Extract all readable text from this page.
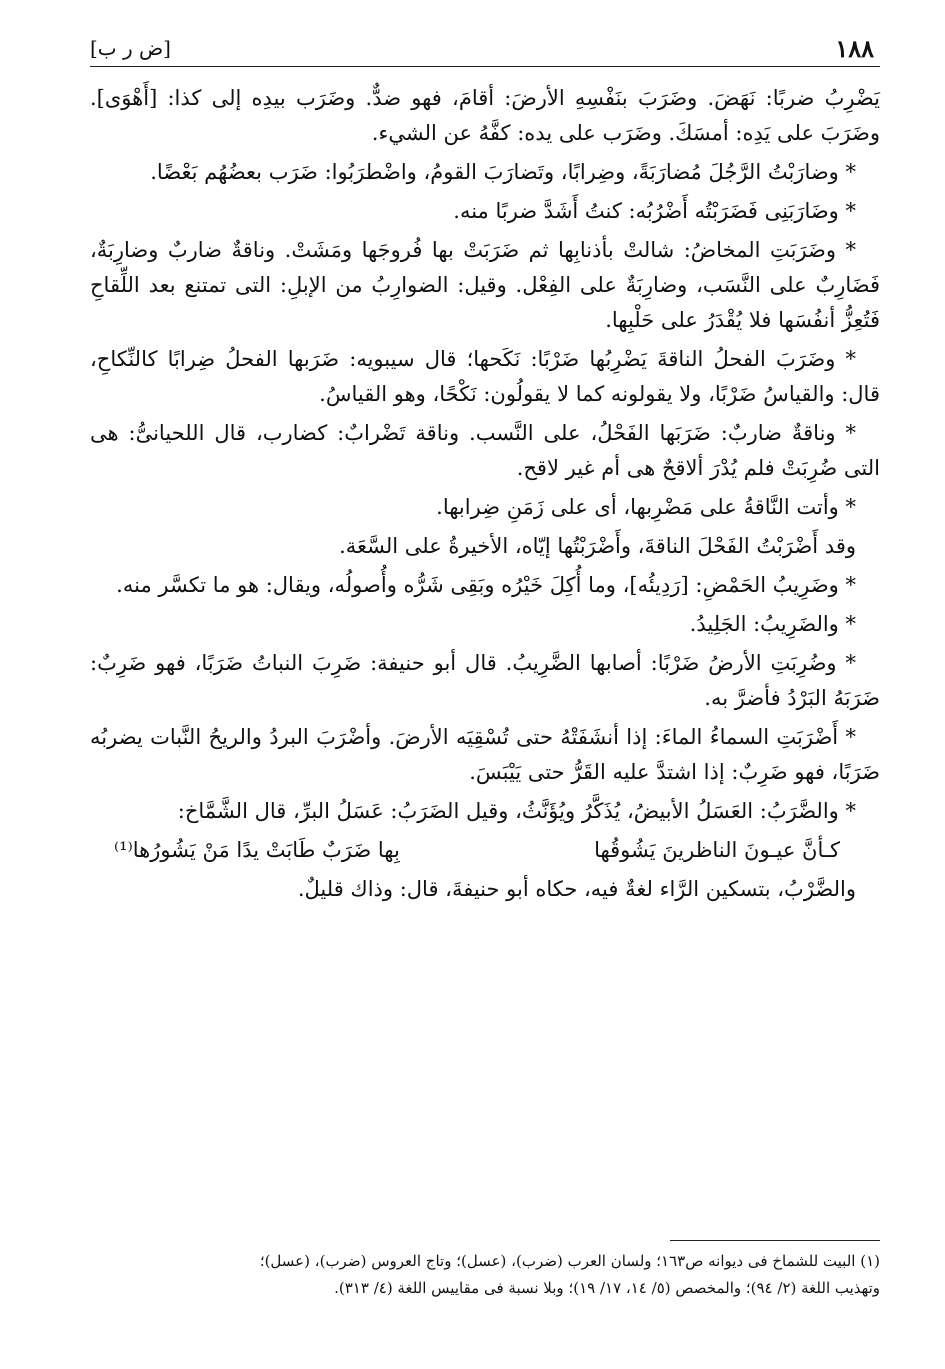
١٨٨
[ض ر ب]

يَضْرِبُ ضربًا: نَهَضَ. وضَرَبَ بنَفْسِهِ الأرضَ: أقامَ، فهو ضدٌّ. وضَرَب بيدِه إلى كذا: [أَهْوَى]. وضَرَبَ على يَدِه: أمسَكَ. وضَرَب على يده: كفَّهُ عن الشيء.

* وضارَبْتُ الرَّجُلَ مُضارَبَةً، وضِرابًا، وتَضارَبَ القومُ، واضْطرَبُوا: ضَرَب بعضُهُم بَعْضًا.

* وضَارَبَنِى فَضَرَبْتُه أَضْرُبُه: كنتُ أَشَدَّ ضربًا منه.

* وضَرَبَتِ المخاضُ: شالتْ بأذنابِها ثم ضَرَبَتْ بها فُروجَها ومَشَتْ. وناقةٌ ضاربٌ وضارِبَةٌ، فَضَارِبٌ على النَّسَب، وضارِبَةٌ على الفِعْل. وقيل: الضوارِبُ من الإبلِ: التى تمتنع بعد اللِّقاحِ فَتُعِزُّ أنفُسَها فلا يُقْدَرُ على حَلْبِها.

* وضَرَبَ الفحلُ الناقةَ يَضْرِبُها ضَرْبًا: نَكَحها؛ قال سيبويه: ضَرَبها الفحلُ ضِرابًا كالنِّكاحِ، قال: والقياسُ ضَرْبًا، ولا يقولونه كما لا يقولُون: نَكْحًا، وهو القياسُ.

* وناقةٌ ضاربٌ: ضَرَبَها الفَحْلُ، على النَّسب. وناقة تَضْرابٌ: كضارب، قال اللحيانىُّ: هى التى ضُرِبَتْ فلم يُدْرَ ألاقحٌ هى أم غير لاقح.

* وأتت النَّاقةُ على مَضْرِبها، أى على زَمَنِ ضِرابها.

وقد أَضْرَبْتُ الفَحْلَ الناقةَ، وأَضْرَبْتُها إيّاه، الأخيرةُ على السَّعَة.

* وضَرِيبُ الحَمْضِ: [رَدِيئُه]، وما أُكِلَ خَيْرُه وبَقِى شَرُّه وأُصولُه، ويقال: هو ما تكسَّر منه.

* والضَرِيبُ: الجَلِيدُ.

* وضُرِبَتِ الأرضُ ضَرْبًا: أصابها الضَّرِيبُ. قال أبو حنيفة: ضَرِبَ النباتُ ضَرَبًا، فهو ضَرِبٌ: ضَرَبَهُ البَرْدُ فأضرَّ به.

* أَضْرَبَتِ السماءُ الماءَ: إذا أنشَفَتْهُ حتى تُسْقِيَه الأرضَ. وأضْرَبَ البردُ والريحُ النَّبات يضربُه ضَرَبًا، فهو ضَرِبٌ: إذا اشتدَّ عليه القَرُّ حتى يَيْبَسَ.

* والضَّرَبُ: العَسَلُ الأبيضُ، يُذَكَّرُ ويُؤَنَّثُ، وقيل الضَرَبُ: عَسَلُ البرِّ، قال الشَّمَّاخ:

كـأنَّ عيـونَ الناظرينَ يَشُوقُها
بِها ضَرَبٌ طَابَتْ يدًا مَنْ يَشُورُها⁽¹⁾

والضَّرْبُ، بتسكين الرَّاء لغةٌ فيه، حكاه أبو حنيفةَ، قال: وذاك قليلٌ.

(١) البيت للشماخ فى ديوانه ص١٦٣؛ ولسان العرب (ضرب)، (عسل)؛ وتاج العروس (ضرب)، (عسل)؛

وتهذيب اللغة (٢/ ٩٤)؛ والمخصص (٥/ ١٤، ١٧/ ١٩)؛ وبلا نسبة فى مقاييس اللغة (٤/ ٣١٣).
